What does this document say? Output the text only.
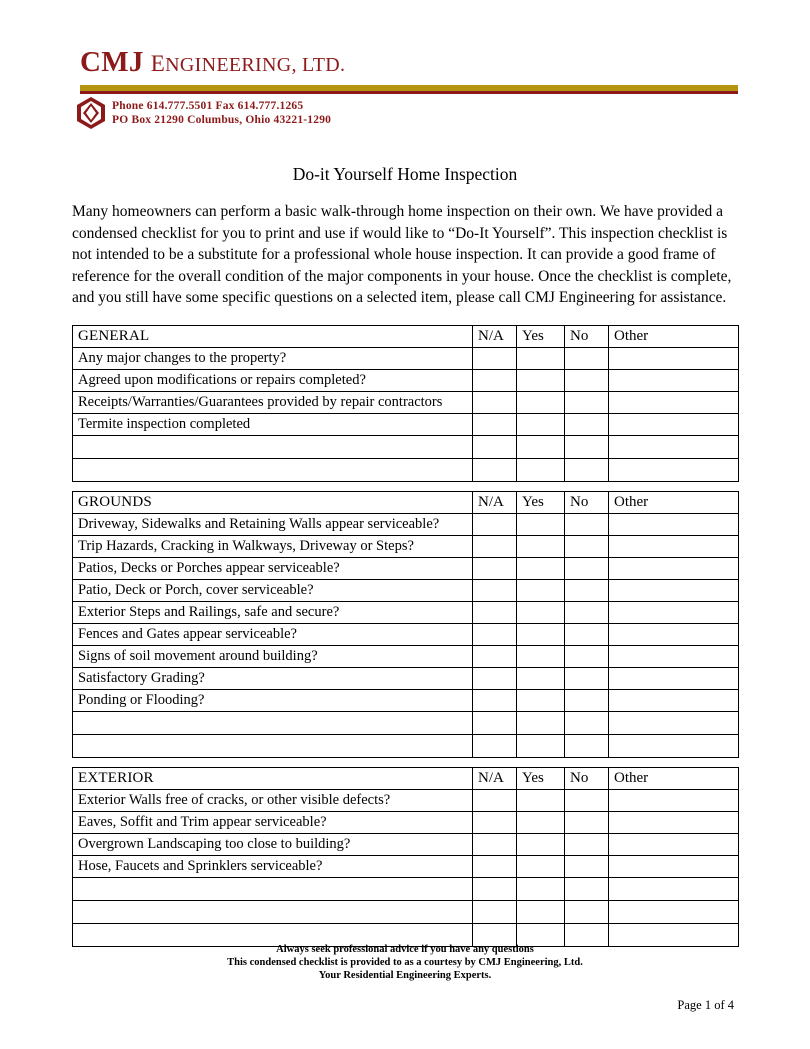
CMJ ENGINEERING, LTD.
Phone 614.777.5501 Fax 614.777.1265
PO Box 21290 Columbus, Ohio 43221-1290
Do-it Yourself Home Inspection
Many homeowners can perform a basic walk-through home inspection on their own. We have provided a condensed checklist for you to print and use if would like to “Do-It Yourself”. This inspection checklist is not intended to be a substitute for a professional whole house inspection. It can provide a good frame of reference for the overall condition of the major components in your house. Once the checklist is complete, and you still have some specific questions on a selected item, please call CMJ Engineering for assistance.
GENERAL	N/A	Yes	No	Other
Any major changes to the property?				
Agreed upon modifications or repairs completed?				
Receipts/Warranties/Guarantees provided by repair contractors				
Termite inspection completed				

GROUNDS	N/A	Yes	No	Other
Driveway, Sidewalks and Retaining Walls appear serviceable?				
Trip Hazards, Cracking in Walkways, Driveway or Steps?				
Patios, Decks or Porches appear serviceable?				
Patio, Deck or Porch, cover serviceable?				
Exterior Steps and Railings, safe and secure?				
Fences and Gates appear serviceable?				
Signs of soil movement around building?				
Satisfactory Grading?				
Ponding or Flooding?				

EXTERIOR	N/A	Yes	No	Other
Exterior Walls free of cracks, or other visible defects?				
Eaves, Soffit and Trim appear serviceable?				
Overgrown Landscaping too close to building?				
Hose, Faucets and Sprinklers serviceable?				

Always seek professional advice if you have any questions
This condensed checklist is provided to as a courtesy by CMJ Engineering, Ltd.
Your Residential Engineering Experts.
Page 1 of 4
